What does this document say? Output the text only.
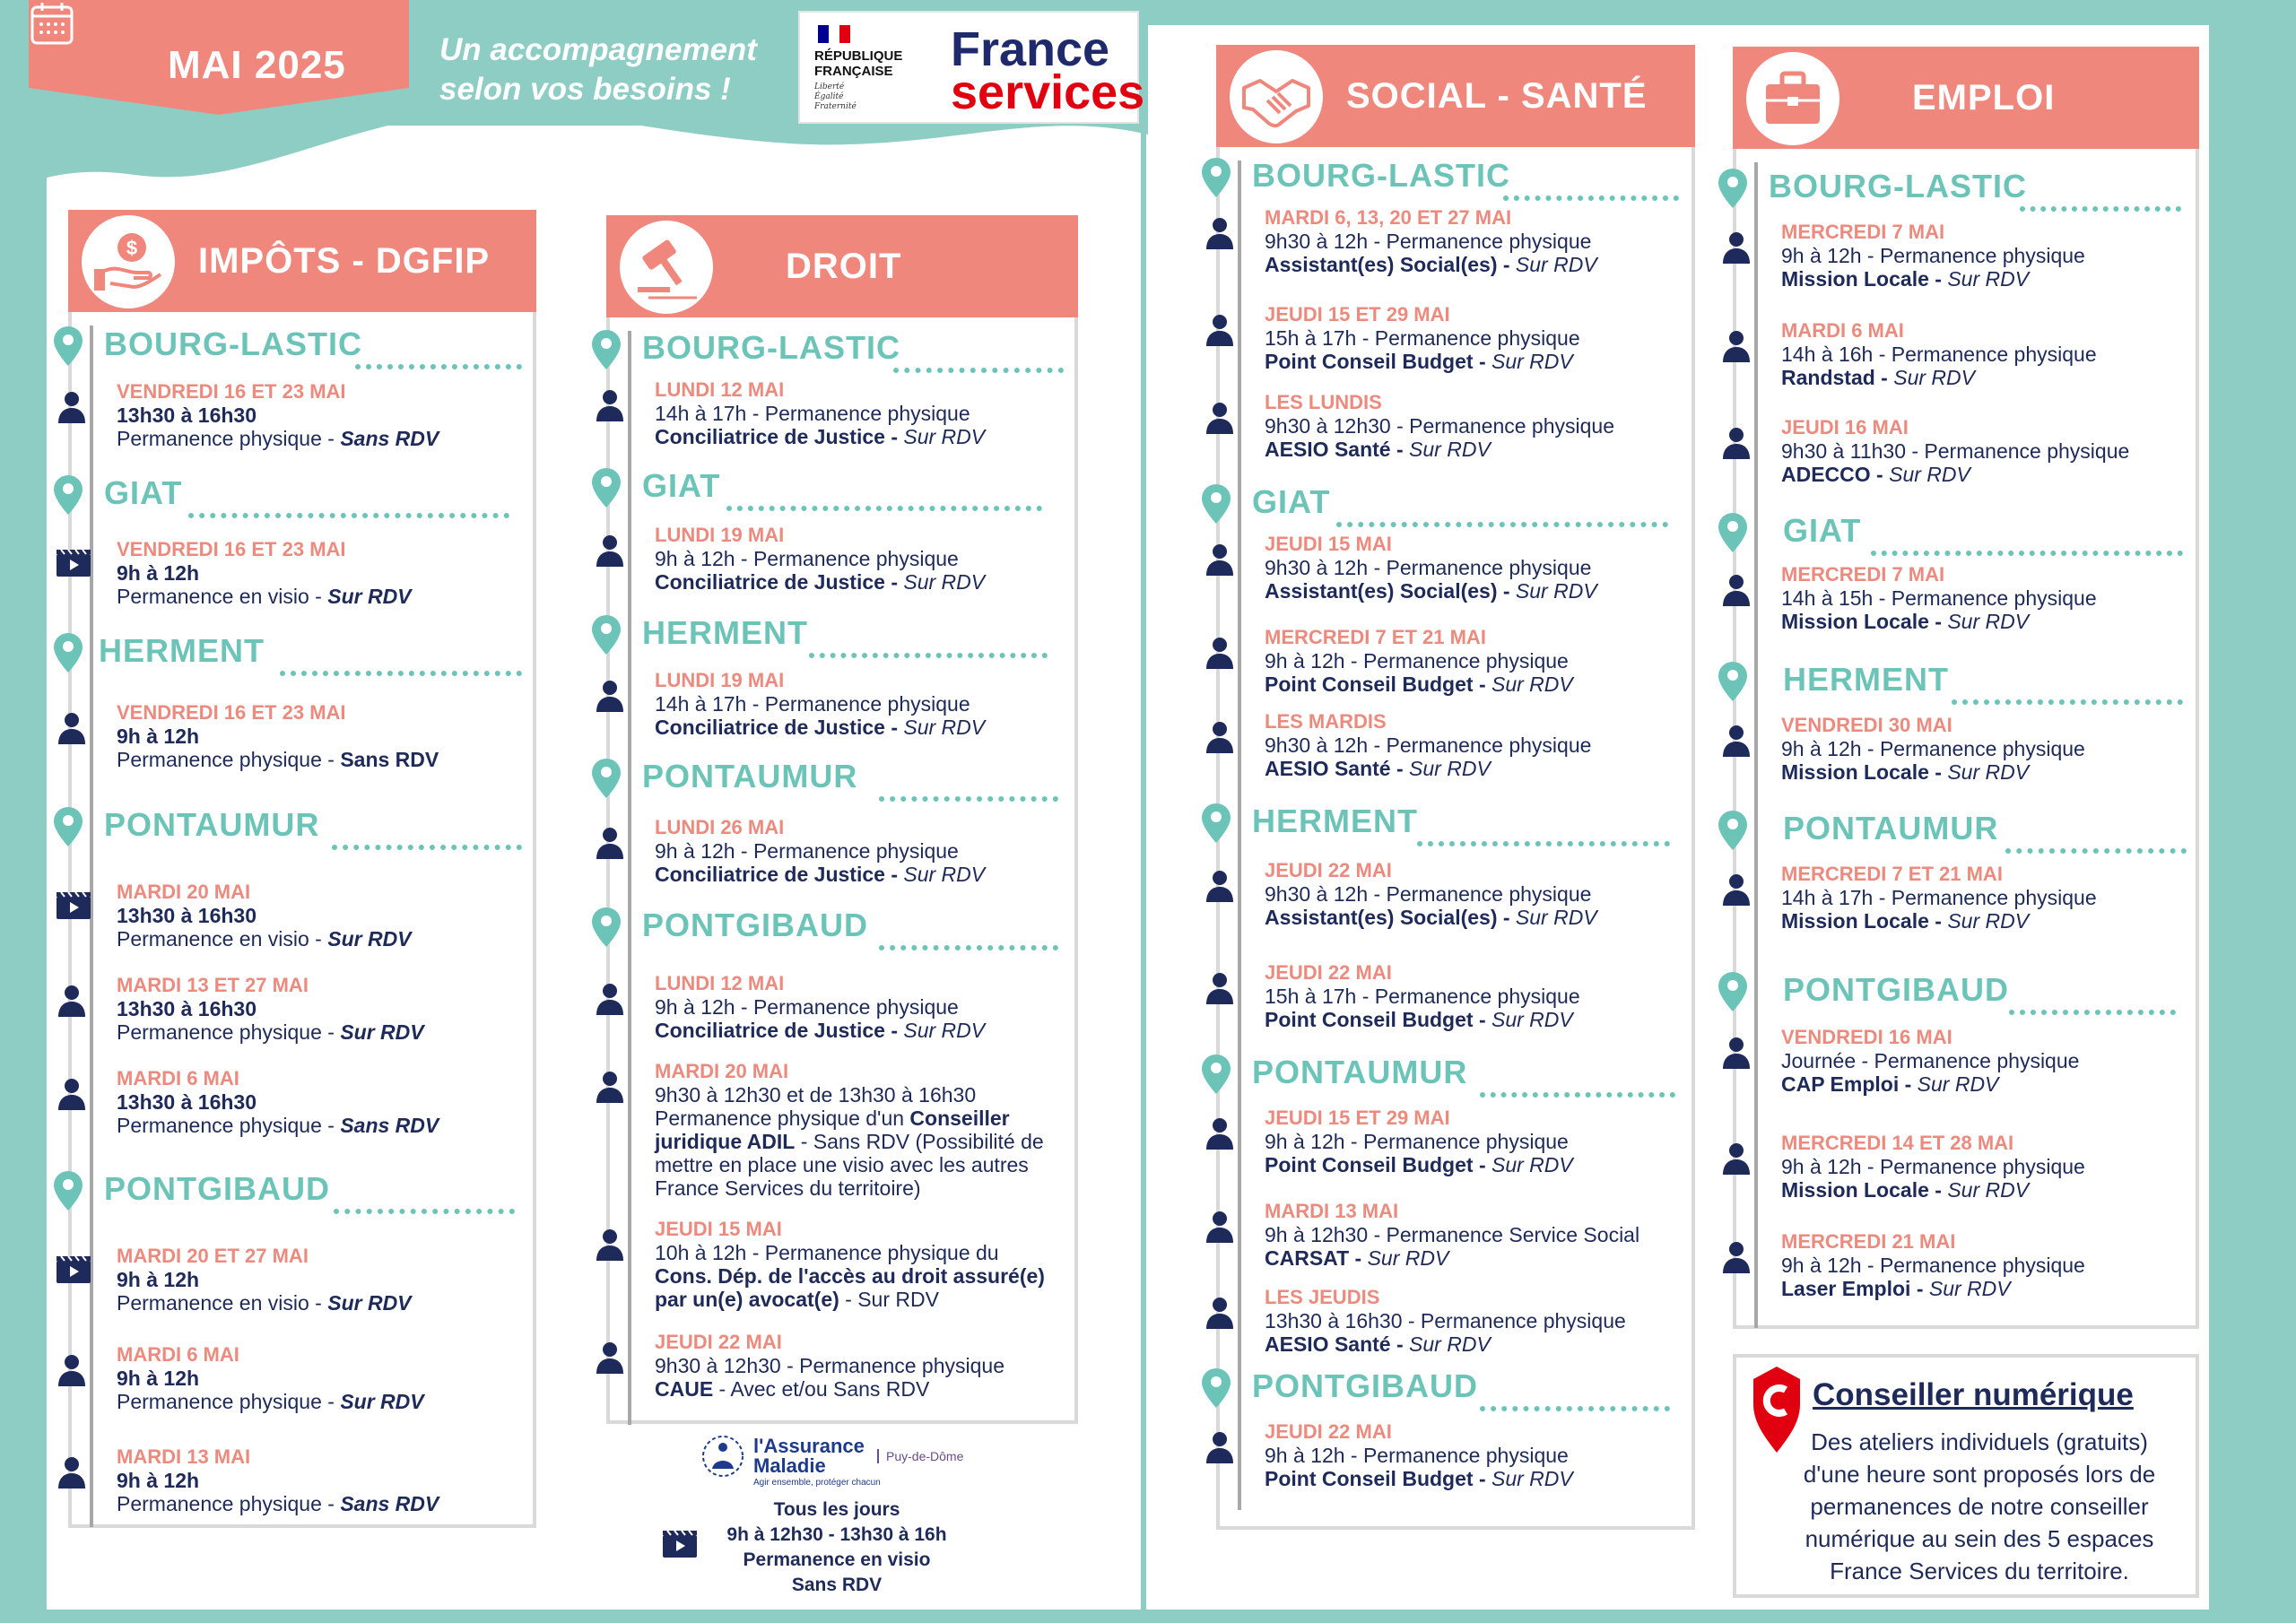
MAI 2025	Un accompagnement
selon vos besoins !
RÉPUBLIQUE
FRANÇAISE
Liberté
Égalité
Fraternité
France
services
$ IMPÔTS - DGFIP
BOURG-LASTIC
VENDREDI 16 ET 23 MAI
13h30 à 16h30
Permanence physique - Sans RDV
GIAT
VENDREDI 16 ET 23 MAI
9h à 12h
Permanence en visio - Sur RDV
HERMENT
VENDREDI 16 ET 23 MAI
9h à 12h
Permanence physique - Sans RDV
PONTAUMUR
MARDI 20 MAI
13h30 à 16h30
Permanence en visio - Sur RDV
MARDI 13 ET 27 MAI
13h30 à 16h30
Permanence physique - Sur RDV
MARDI 6 MAI
13h30 à 16h30
Permanence physique - Sans RDV
PONTGIBAUD
MARDI 20 ET 27 MAI
9h à 12h
Permanence en visio - Sur RDV
MARDI 6 MAI
9h à 12h
Permanence physique - Sur RDV
MARDI 13 MAI
9h à 12h
Permanence physique - Sans RDV
DROIT
BOURG-LASTIC
LUNDI 12 MAI
14h à 17h - Permanence physique
Conciliatrice de Justice - Sur RDV
GIAT
LUNDI 19 MAI
9h à 12h - Permanence physique
Conciliatrice de Justice - Sur RDV
HERMENT
LUNDI 19 MAI
14h à 17h - Permanence physique
Conciliatrice de Justice - Sur RDV
PONTAUMUR
LUNDI 26 MAI
9h à 12h - Permanence physique
Conciliatrice de Justice - Sur RDV
PONTGIBAUD
LUNDI 12 MAI
9h à 12h - Permanence physique
Conciliatrice de Justice - Sur RDV
MARDI 20 MAI
9h30 à 12h30 et de 13h30 à 16h30
Permanence physique d'un Conseiller
juridique ADIL - Sans RDV (Possibilité de
mettre en place une visio avec les autres
France Services du territoire)
JEUDI 15 MAI
10h à 12h - Permanence physique du
Cons. Dép. de l'accès au droit assuré(e)
par un(e) avocat(e) - Sur RDV
JEUDI 22 MAI
9h30 à 12h30 - Permanence physique
CAUE - Avec et/ou Sans RDV
l'Assurance
Maladie
Agir ensemble, protéger chacun
Puy-de-Dôme
Tous les jours
9h à 12h30 - 13h30 à 16h
Permanence en visio
Sans RDV
SOCIAL - SANTÉ
BOURG-LASTIC
MARDI 6, 13, 20 ET 27 MAI
9h30 à 12h - Permanence physique
Assistant(es) Social(es) - Sur RDV
JEUDI 15 ET 29 MAI
15h à 17h - Permanence physique
Point Conseil Budget - Sur RDV
LES LUNDIS
9h30 à 12h30 - Permanence physique
AESIO Santé - Sur RDV
GIAT
JEUDI 15 MAI
9h30 à 12h - Permanence physique
Assistant(es) Social(es) - Sur RDV
MERCREDI 7 ET 21 MAI
9h à 12h - Permanence physique
Point Conseil Budget - Sur RDV
LES MARDIS
9h30 à 12h - Permanence physique
AESIO Santé - Sur RDV
HERMENT
JEUDI 22 MAI
9h30 à 12h - Permanence physique
Assistant(es) Social(es) - Sur RDV
JEUDI 22 MAI
15h à 17h - Permanence physique
Point Conseil Budget - Sur RDV
PONTAUMUR
JEUDI 15 ET 29 MAI
9h à 12h - Permanence physique
Point Conseil Budget - Sur RDV
MARDI 13 MAI
9h à 12h30 - Permanence Service Social
CARSAT - Sur RDV
LES JEUDIS
13h30 à 16h30 - Permanence physique
AESIO Santé - Sur RDV
PONTGIBAUD
JEUDI 22 MAI
9h à 12h - Permanence physique
Point Conseil Budget - Sur RDV
EMPLOI
BOURG-LASTIC
MERCREDI 7 MAI
9h à 12h - Permanence physique
Mission Locale - Sur RDV
MARDI 6 MAI
14h à 16h - Permanence physique
Randstad - Sur RDV
JEUDI 16 MAI
9h30 à 11h30 - Permanence physique
ADECCO - Sur RDV
GIAT
MERCREDI 7 MAI
14h à 15h - Permanence physique
Mission Locale - Sur RDV
HERMENT
VENDREDI 30 MAI
9h à 12h - Permanence physique
Mission Locale - Sur RDV
PONTAUMUR
MERCREDI 7 ET 21 MAI
14h à 17h - Permanence physique
Mission Locale - Sur RDV
PONTGIBAUD
VENDREDI 16 MAI
Journée - Permanence physique
CAP Emploi - Sur RDV
MERCREDI 14 ET 28 MAI
9h à 12h - Permanence physique
Mission Locale - Sur RDV
MERCREDI 21 MAI
9h à 12h - Permanence physique
Laser Emploi - Sur RDV
Conseiller numérique
Des ateliers individuels (gratuits)
d'une heure sont proposés lors de
permanences de notre conseiller
numérique au sein des 5 espaces
France Services du territoire.
